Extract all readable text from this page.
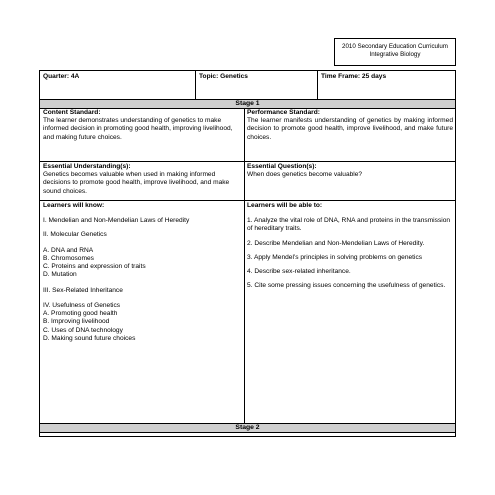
2010 Secondary Education Curriculum
Integrative Biology
Quarter: 4A	Topic: Genetics	Time Frame: 25 days
Stage 1
Content Standard:
The learner demonstrates understanding of genetics to make informed decision in promoting good health, improving livelihood, and making future choices.
Performance Standard:
The learner manifests understanding of genetics by making informed decision to promote good health, improve livelihood, and make future choices.
Essential Understanding(s):
Genetics becomes valuable when used in making informed decisions to promote good health, improve livelihood, and make sound choices.
Essential Question(s):
When does genetics become valuable?

Learners will know:

I. Mendelian and Non-Mendelian Laws of Heredity

II. Molecular Genetics

A. DNA and RNA

B. Chromosomes

C. Proteins and expression of traits

D. Mutation

III. Sex-Related Inheritance

IV. Usefulness of Genetics

A. Promoting good health

B. Improving livelihood

C. Uses of DNA technology

D. Making sound future choices

Learners will be able to:

1. Analyze the vital role of DNA, RNA and proteins in the transmission of hereditary traits.

2. Describe Mendelian and Non-Mendelian Laws of Heredity.

3. Apply Mendel’s principles in solving problems on genetics

4. Describe sex-related inheritance.

5. Cite some pressing issues concerning the usefulness of genetics.

Stage 2
